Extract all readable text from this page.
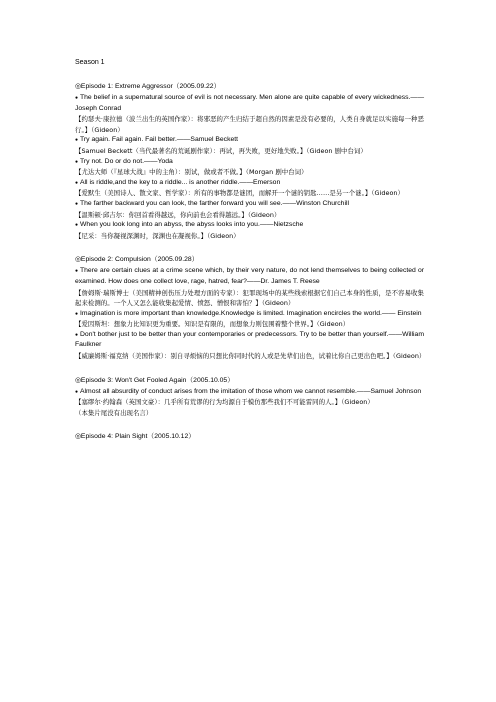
Season 1
◎Episode 1: Extreme Aggressor（2005.09.22）

● The belief in a supernatural source of evil is not necessary. Men alone are quite capable of every wickedness.——Joseph Conrad

【约瑟夫·康拉德（波兰出生的英国作家）：将邪恶的产生归结于超自然的因素是没有必要的，人类自身就足以实施每一种恶行。】（Gideon）

● Try again. Fail again. Fail better.——Samuel Beckett

【Samuel Beckett（当代最著名的荒诞剧作家）：再试，再失败，更好地失败。】（Gideon 剧中台词）

● Try not. Do or do not.——Yoda

【尤达大师（『星球大战』中的主角）：别试，做或者不做。】（Morgan 剧中台词）

● All is riddle,and the key to a riddle... is another riddle.——Emerson

【爱默生（美国诗人、散文家、哲学家）：所有的事物都是谜团，而解开一个谜的钥匙……是另一个谜。】（Gideon）

● The farther backward you can look, the farther forward you will see.——Winston Churchill

【温斯顿·邱吉尔：你回首看得越远，你向前也会看得越远。】（Gideon）

● When you look long into an abyss, the abyss looks into you.——Nietzsche

【尼采：当你凝视深渊时，深渊也在凝视你。】（Gideon）

◎Episode 2: Compulsion（2005.09.28）

● There are certain clues at a crime scene which, by their very nature, do not lend themselves to being collected or examined. How does one collect love, rage, hatred, fear?——Dr. James T. Reese

【詹姆斯·瑞斯博士（美国精神创伤压力处理方面的专家）：犯罪现场中的某些线索根据它们自己本身的性质，是不容易收集起来检测的。一个人又怎么能收集起爱情、愤怒、憎恨和害怕？】（Gideon）

● Imagination is more important than knowledge.Knowledge is limited. Imagination encircles the world.—— Einstein

【爱因斯坦：想象力比知识更为重要。知识是有限的，而想象力则包围着整个世界。】（Gideon）

● Don't bother just to be better than your contemporaries or predecessors. Try to be better than yourself.——William Faulkner

【威廉姆斯·福克纳（美国作家）：别自寻烦恼的只想比你同时代的人或是先辈们出色，试着比你自己更出色吧。】（Gideon）

◎Episode 3: Won't Get Fooled Again（2005.10.05）

● Almost all absurdity of conduct arises from the imitation of those whom we cannot resemble.——Samuel Johnson

【塞缪尔·约翰森（英国文豪）：几乎所有荒谬的行为均源自于模仿那些我们不可能雷同的人。】（Gideon）

（本集片尾没有出现名言）

◎Episode 4: Plain Sight（2005.10.12）
